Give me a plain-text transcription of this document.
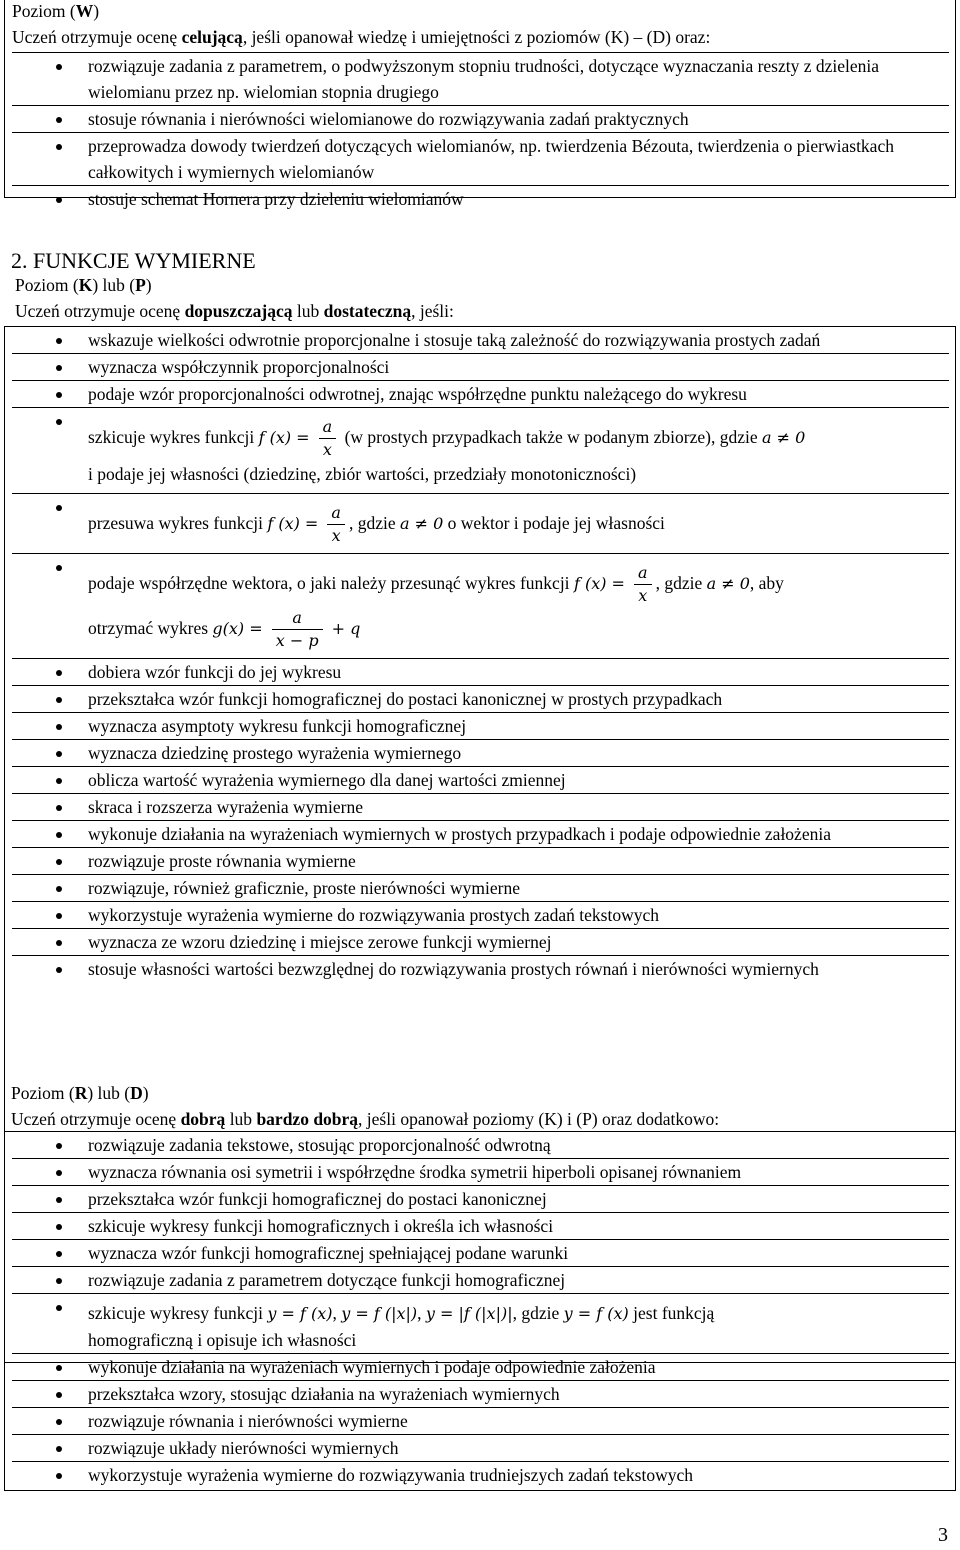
Poziom (W)

Uczeń otrzymuje ocenę celującą, jeśli opanował wiedzę i umiejętności z poziomów (K) – (D) oraz:

rozwiązuje zadania z parametrem, o podwyższonym stopniu trudności, dotyczące wyznaczania reszty z dzielenia wielomianu przez np. wielomian stopnia drugiego
stosuje równania i nierówności wielomianowe do rozwiązywania zadań praktycznych
przeprowadza dowody twierdzeń dotyczących wielomianów, np. twierdzenia Bézouta, twierdzenia o pierwiastkach całkowitych i wymiernych wielomianów
stosuje schemat Hornera przy dzieleniu wielomianów

2. FUNKCJE WYMIERNE

Poziom (K) lub (P)

Uczeń otrzymuje ocenę dopuszczającą lub dostateczną, jeśli:

wskazuje wielkości odwrotnie proporcjonalne i stosuje taką zależność do rozwiązywania prostych zadań
wyznacza współczynnik proporcjonalności
podaje wzór proporcjonalności odwrotnej, znając współrzędne punktu należącego do wykresu
szkicuje wykres funkcji f $(x) = \frac{a}{x} (w$ prostych przypadkach także w podanym zbiorze), gdzie a ≠ 0
i podaje jej własności (dziedzinę, zbiór wartości, przedziały monotoniczności)
przesuwa wykres funkcji f $(x) = \frac{a}{x}$ , gdzie a ≠ 0 o wektor i podaje jej własności
podaje współrzędne wektora, o jaki należy przesunąć wykres funkcji f $(x) = \frac{a}{x}$ , gdzie a ≠ 0, aby
otrzymać wykres $g(x) = \frac{a}{x - p} + q$
dobiera wzór funkcji do jej wykresu
przekształca wzór funkcji homograficznej do postaci kanonicznej w prostych przypadkach
wyznacza asymptoty wykresu funkcji homograficznej
wyznacza dziedzinę prostego wyrażenia wymiernego
oblicza wartość wyrażenia wymiernego dla danej wartości zmiennej
skraca i rozszerza wyrażenia wymierne
wykonuje działania na wyrażeniach wymiernych w prostych przypadkach i podaje odpowiednie założenia
rozwiązuje proste równania wymierne
rozwiązuje, również graficznie, proste nierówności wymierne
wykorzystuje wyrażenia wymierne do rozwiązywania prostych zadań tekstowych
wyznacza ze wzoru dziedzinę i miejsce zerowe funkcji wymiernej
stosuje własności wartości bezwzględnej do rozwiązywania prostych równań i nierówności wymiernych

Poziom (R) lub (D)

Uczeń otrzymuje ocenę dobrą lub bardzo dobrą, jeśli opanował poziomy (K) i (P) oraz dodatkowo:

rozwiązuje zadania tekstowe, stosując proporcjonalność odwrotną
wyznacza równania osi symetrii i współrzędne środka symetrii hiperboli opisanej równaniem
przekształca wzór funkcji homograficznej do postaci kanonicznej
szkicuje wykresy funkcji homograficznych i określa ich własności
wyznacza wzór funkcji homograficznej spełniającej podane warunki
rozwiązuje zadania z parametrem dotyczące funkcji homograficznej
szkicuje wykresy funkcji y = f (x), y = f (|x|), y = |f (|x|)|, gdzie y = f (x) jest funkcją
homograficzną i opisuje ich własności
wykonuje działania na wyrażeniach wymiernych i podaje odpowiednie założenia
przekształca wzory, stosując działania na wyrażeniach wymiernych
rozwiązuje równania i nierówności wymierne
rozwiązuje układy nierówności wymiernych
wykorzystuje wyrażenia wymierne do rozwiązywania trudniejszych zadań tekstowych
3
